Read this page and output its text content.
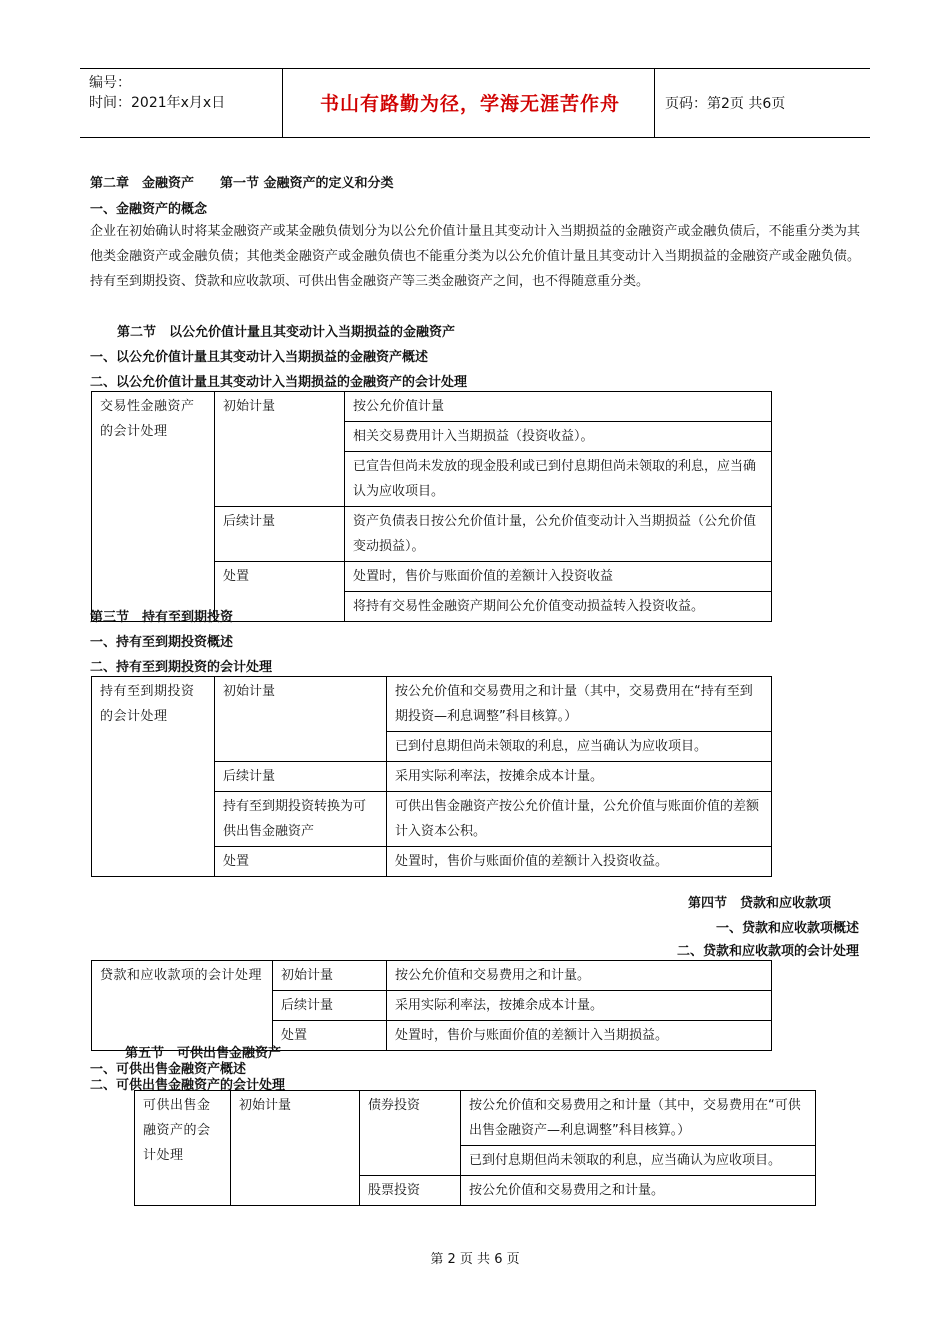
编号：
时间：2021年x月x日	书山有路勤为径，学海无涯苦作舟	页码：第2页 共6页
第二章　金融资产　　第一节 金融资产的定义和分类
一、金融资产的概念

企业在初始确认时将某金融资产或某金融负债划分为以公允价值计量且其变动计入当期损益的金融资产或金融负债后，不能重分类为其他类金融资产或金融负债；其他类金融资产或金融负债也不能重分类为以公允价值计量且其变动计入当期损益的金融资产或金融负债。 持有至到期投资、贷款和应收款项、可供出售金融资产等三类金融资产之间，也不得随意重分类。

第二节　以公允价值计量且其变动计入当期损益的金融资产
一、以公允价值计量且其变动计入当期损益的金融资产概述
二、以公允价值计量且其变动计入当期损益的金融资产的会计处理
交易性金融资产的会计处理	初始计量	按公允价值计量
		相关交易费用计入当期损益（投资收益）。
		已宣告但尚未发放的现金股利或已到付息期但尚未领取的利息，应当确认为应收项目。
	后续计量	资产负债表日按公允价值计量，公允价值变动计入当期损益（公允价值变动损益）。
	处置	处置时，售价与账面价值的差额计入投资收益
		将持有交易性金融资产期间公允价值变动损益转入投资收益。
第三节　持有至到期投资
一、持有至到期投资概述
二、持有至到期投资的会计处理
持有至到期投资的会计处理	初始计量	按公允价值和交易费用之和计量（其中，交易费用在“持有至到期投资—利息调整”科目核算。）
		已到付息期但尚未领取的利息，应当确认为应收项目。
	后续计量	采用实际利率法，按摊余成本计量。
	持有至到期投资转换为可供出售金融资产	可供出售金融资产按公允价值计量，公允价值与账面价值的差额计入资本公积。
	处置	处置时，售价与账面价值的差额计入投资收益。
第四节　贷款和应收款项
一、贷款和应收款项概述
二、贷款和应收款项的会计处理
贷款和应收款项的会计处理	初始计量	按公允价值和交易费用之和计量。
	后续计量	采用实际利率法，按摊余成本计量。
	处置	处置时，售价与账面价值的差额计入当期损益。
第五节　可供出售金融资产
一、可供出售金融资产概述
二、可供出售金融资产的会计处理
可供出售金融资产的会计处理	初始计量	债券投资	按公允价值和交易费用之和计量（其中，交易费用在“可供出售金融资产—利息调整”科目核算。）
			已到付息期但尚未领取的利息，应当确认为应收项目。
		股票投资	按公允价值和交易费用之和计量。
第 2 页 共 6 页
